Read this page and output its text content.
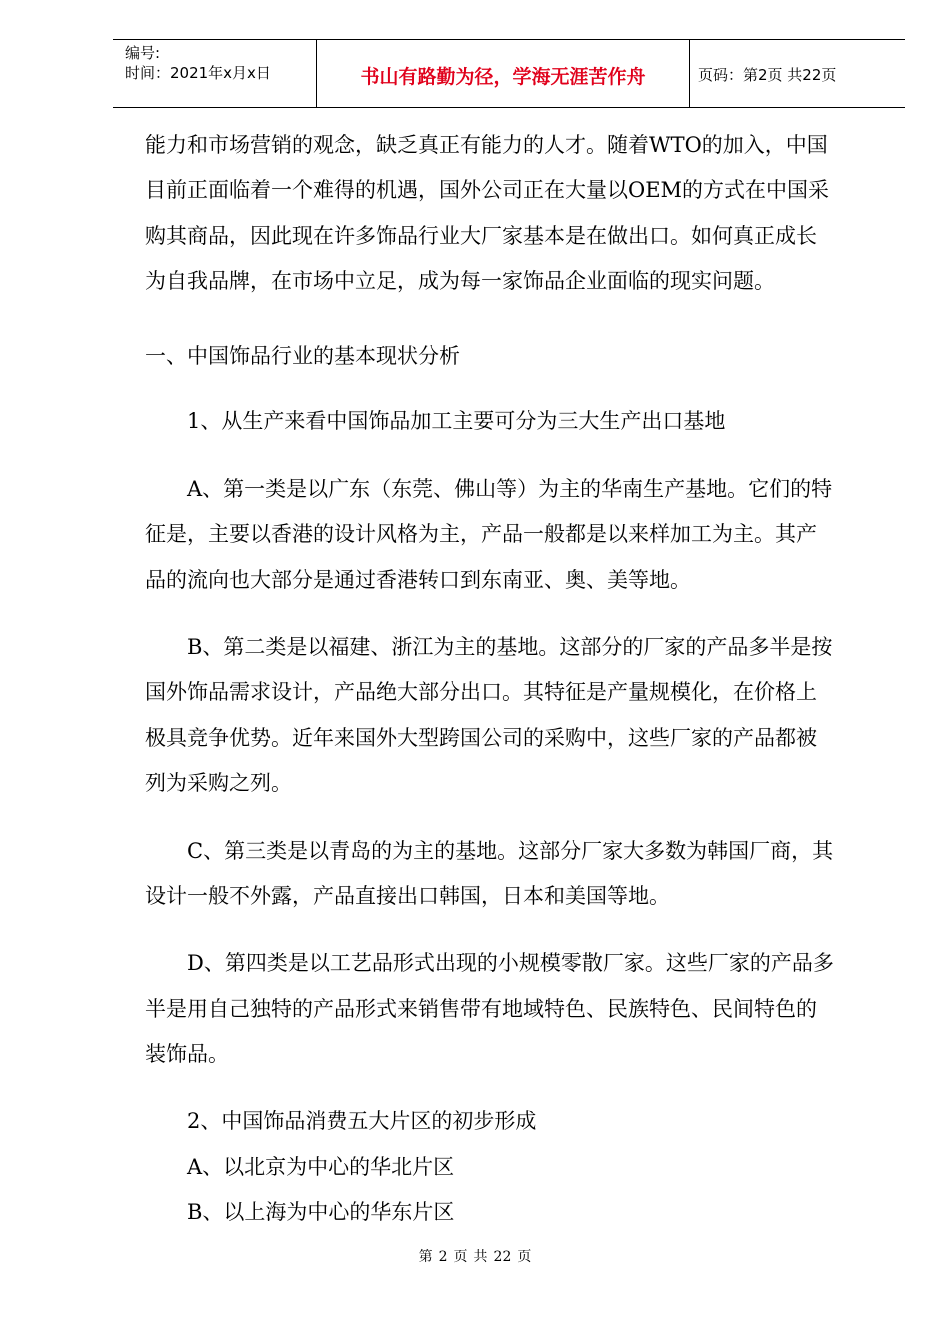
编号:
时间：2021年x月x日	书山有路勤为径，学海无涯苦作舟	页码：第2页 共22页
能力和市场营销的观念，缺乏真正有能力的人才。随着WTO的加入，中国
目前正面临着一个难得的机遇，国外公司正在大量以OEM的方式在中国采
购其商品，因此现在许多饰品行业大厂家基本是在做出口。如何真正成长
为自我品牌，在市场中立足，成为每一家饰品企业面临的现实问题。
一、中国饰品行业的基本现状分析
1、从生产来看中国饰品加工主要可分为三大生产出口基地
A、第一类是以广东（东莞、佛山等）为主的华南生产基地。它们的特
征是，主要以香港的设计风格为主，产品一般都是以来样加工为主。其产
品的流向也大部分是通过香港转口到东南亚、奥、美等地。
B、第二类是以福建、浙江为主的基地。这部分的厂家的产品多半是按
国外饰品需求设计，产品绝大部分出口。其特征是产量规模化，在价格上
极具竞争优势。近年来国外大型跨国公司的采购中，这些厂家的产品都被
列为采购之列。
C、第三类是以青岛的为主的基地。这部分厂家大多数为韩国厂商，其
设计一般不外露，产品直接出口韩国，日本和美国等地。
D、第四类是以工艺品形式出现的小规模零散厂家。这些厂家的产品多
半是用自己独特的产品形式来销售带有地域特色、民族特色、民间特色的
装饰品。
2、中国饰品消费五大片区的初步形成
A、以北京为中心的华北片区
B、以上海为中心的华东片区
第 2 页 共 22 页
